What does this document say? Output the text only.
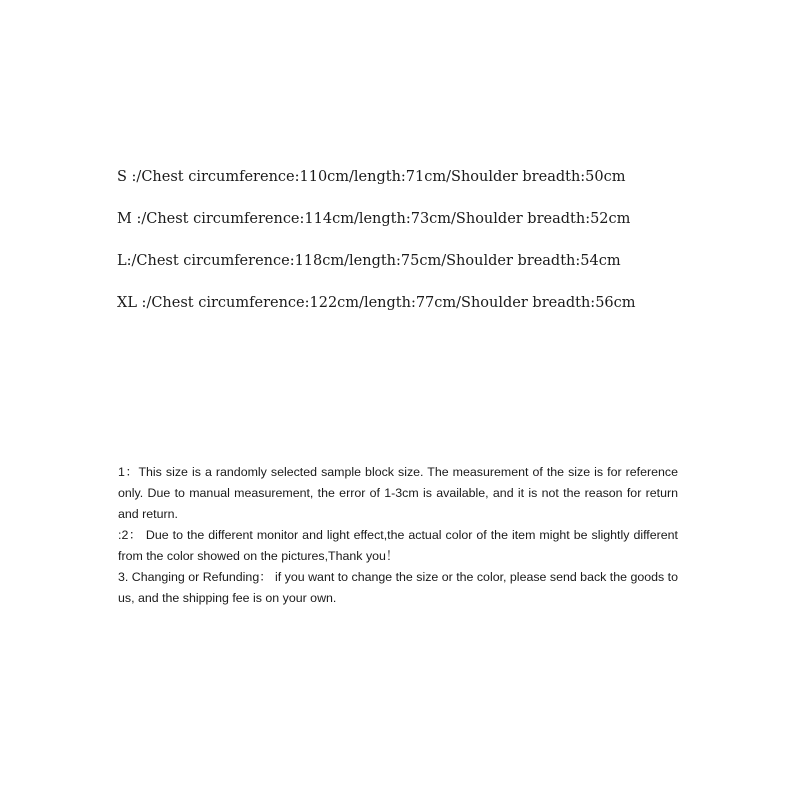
S :/Chest circumference:110cm/length:71cm/Shoulder breadth:50cm
M :/Chest circumference:114cm/length:73cm/Shoulder breadth:52cm
L:/Chest circumference:118cm/length:75cm/Shoulder breadth:54cm
XL :/Chest circumference:122cm/length:77cm/Shoulder breadth:56cm

1：This size is a randomly selected sample block size. The measurement of the size is for reference only. Due to manual measurement, the error of 1-3cm is available, and it is not the reason for return and return.

:2： Due to the different monitor and light effect,the actual color of the item might be slightly different from the color showed on the pictures,Thank you！

3. Changing or Refunding： if you want to change the size or the color, please send back the goods to us, and the shipping fee is on your own.
